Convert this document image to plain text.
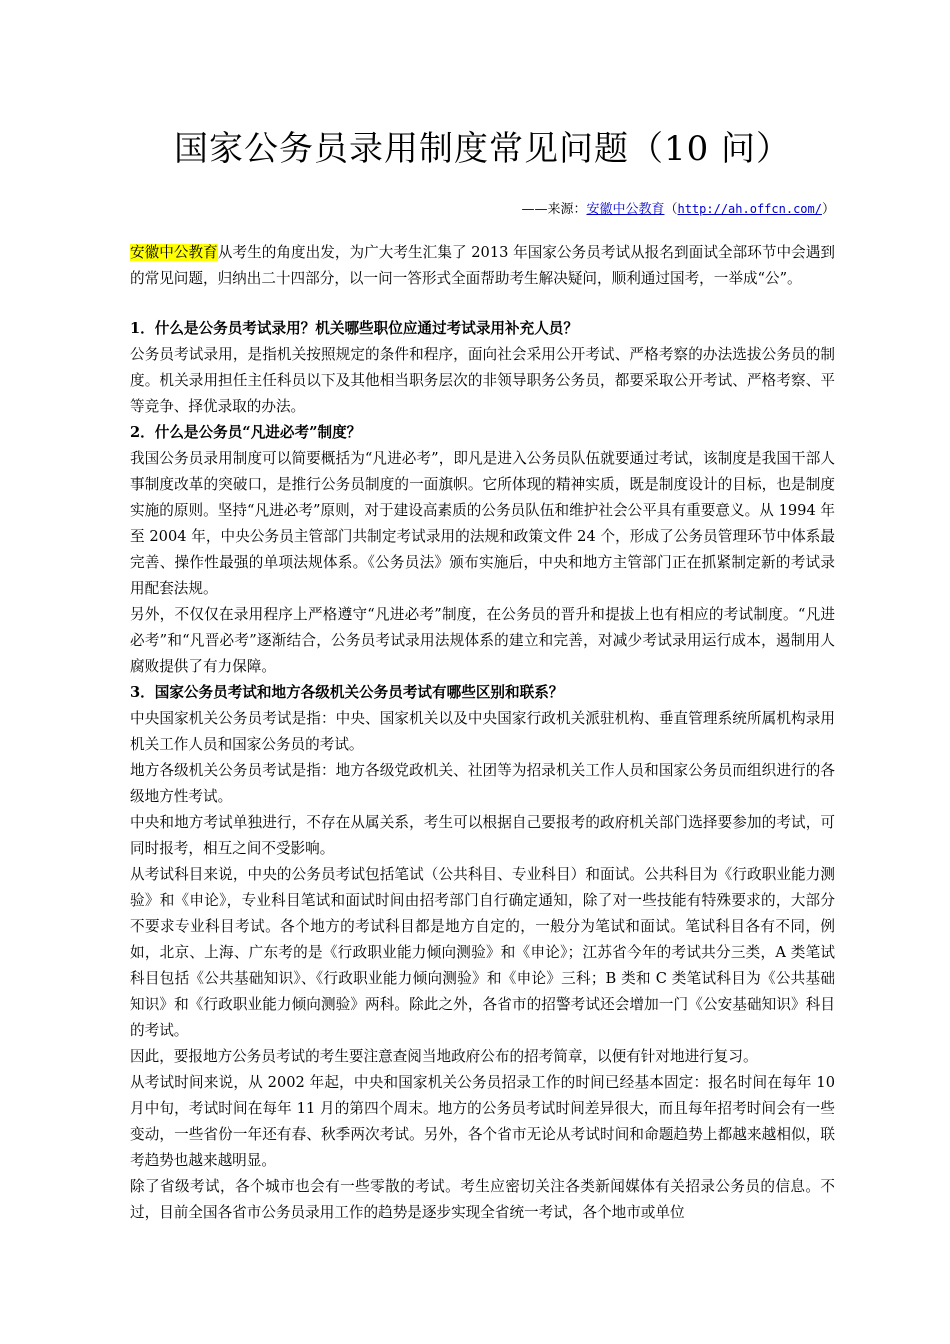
国家公务员录用制度常见问题（10 问）
——来源：安徽中公教育（http://ah.offcn.com/）

安徽中公教育从考生的角度出发，为广大考生汇集了 2013 年国家公务员考试从报名到面试全部环节中会遇到的常见问题，归纳出二十四部分，以一问一答形式全面帮助考生解决疑问，顺利通过国考，一举成“公”。

1．什么是公务员考试录用？机关哪些职位应通过考试录用补充人员？

公务员考试录用，是指机关按照规定的条件和程序，面向社会采用公开考试、严格考察的办法选拔公务员的制度。机关录用担任主任科员以下及其他相当职务层次的非领导职务公务员，都要采取公开考试、严格考察、平等竞争、择优录取的办法。

2．什么是公务员“凡进必考”制度？

我国公务员录用制度可以简要概括为“凡进必考”，即凡是进入公务员队伍就要通过考试，该制度是我国干部人事制度改革的突破口，是推行公务员制度的一面旗帜。它所体现的精神实质，既是制度设计的目标，也是制度实施的原则。坚持“凡进必考”原则，对于建设高素质的公务员队伍和维护社会公平具有重要意义。从 1994 年至 2004 年，中央公务员主管部门共制定考试录用的法规和政策文件 24 个，形成了公务员管理环节中体系最完善、操作性最强的单项法规体系。《公务员法》颁布实施后，中央和地方主管部门正在抓紧制定新的考试录用配套法规。

另外，不仅仅在录用程序上严格遵守“凡进必考”制度，在公务员的晋升和提拔上也有相应的考试制度。“凡进必考”和“凡晋必考”逐渐结合，公务员考试录用法规体系的建立和完善，对减少考试录用运行成本，遏制用人腐败提供了有力保障。

3．国家公务员考试和地方各级机关公务员考试有哪些区别和联系？

中央国家机关公务员考试是指：中央、国家机关以及中央国家行政机关派驻机构、垂直管理系统所属机构录用机关工作人员和国家公务员的考试。

地方各级机关公务员考试是指：地方各级党政机关、社团等为招录机关工作人员和国家公务员而组织进行的各级地方性考试。

中央和地方考试单独进行，不存在从属关系，考生可以根据自己要报考的政府机关部门选择要参加的考试，可同时报考，相互之间不受影响。

从考试科目来说，中央的公务员考试包括笔试（公共科目、专业科目）和面试。公共科目为《行政职业能力测验》和《申论》，专业科目笔试和面试时间由招考部门自行确定通知，除了对一些技能有特殊要求的，大部分不要求专业科目考试。各个地方的考试科目都是地方自定的，一般分为笔试和面试。笔试科目各有不同，例如，北京、上海、广东考的是《行政职业能力倾向测验》和《申论》；江苏省今年的考试共分三类，A 类笔试科目包括《公共基础知识》、《行政职业能力倾向测验》和《申论》三科；B 类和 C 类笔试科目为《公共基础知识》和《行政职业能力倾向测验》两科。除此之外，各省市的招警考试还会增加一门《公安基础知识》科目的考试。

因此，要报地方公务员考试的考生要注意查阅当地政府公布的招考简章，以便有针对地进行复习。

从考试时间来说，从 2002 年起，中央和国家机关公务员招录工作的时间已经基本固定：报名时间在每年 10 月中旬，考试时间在每年 11 月的第四个周末。地方的公务员考试时间差异很大，而且每年招考时间会有一些变动，一些省份一年还有春、秋季两次考试。另外，各个省市无论从考试时间和命题趋势上都越来越相似，联考趋势也越来越明显。

除了省级考试，各个城市也会有一些零散的考试。考生应密切关注各类新闻媒体有关招录公务员的信息。不过，目前全国各省市公务员录用工作的趋势是逐步实现全省统一考试，各个地市或单位
